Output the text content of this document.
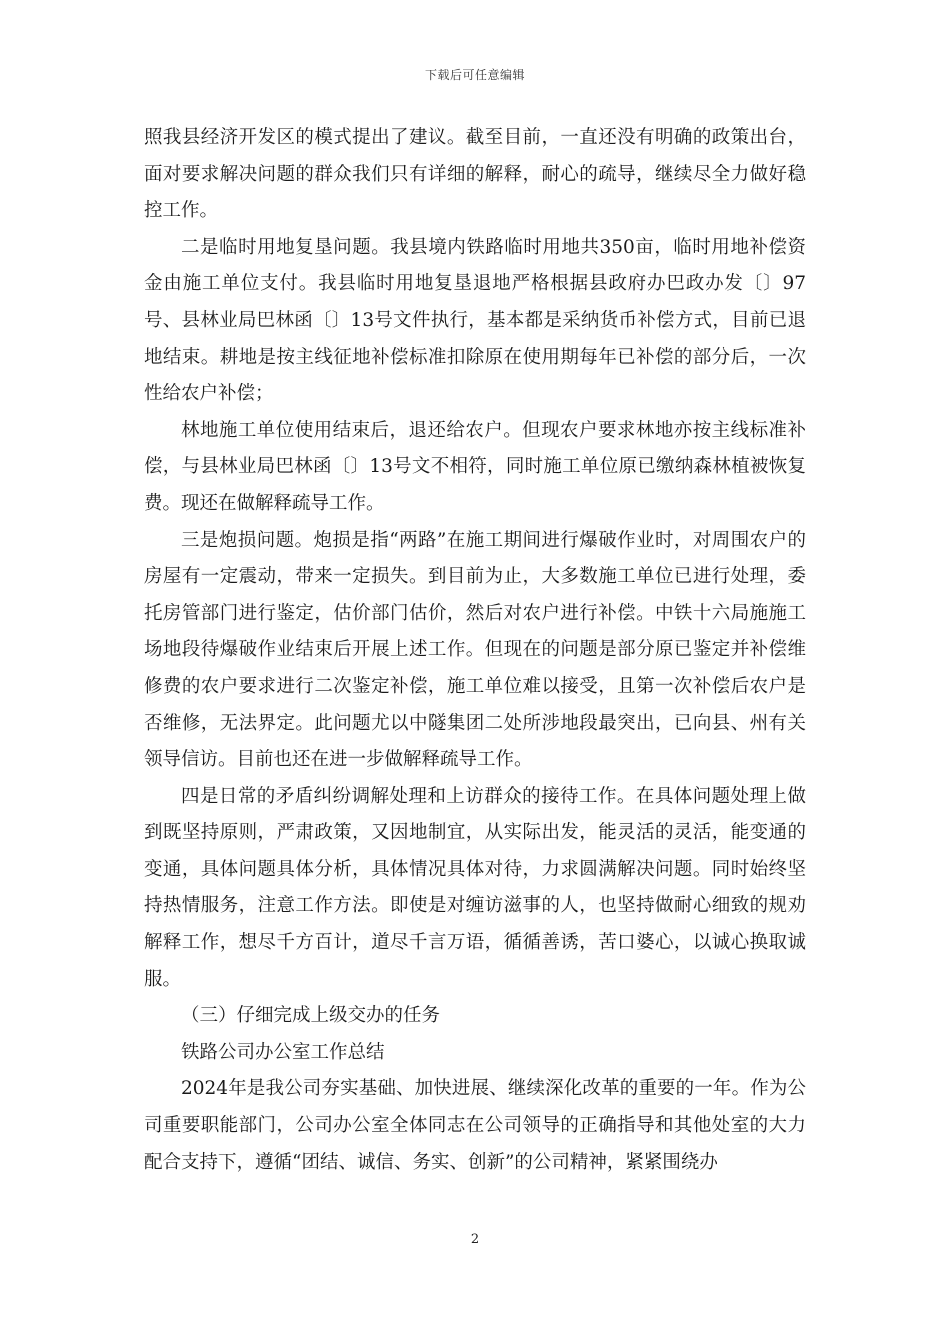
下载后可任意编辑

照我县经济开发区的模式提出了建议。截至目前，一直还没有明确的政策出台，面对要求解决问题的群众我们只有详细的解释，耐心的疏导，继续尽全力做好稳控工作。

二是临时用地复垦问题。我县境内铁路临时用地共350亩，临时用地补偿资金由施工单位支付。我县临时用地复垦退地严格根据县政府办巴政办发〔〕97号、县林业局巴林函〔〕13号文件执行，基本都是采纳货币补偿方式，目前已退地结束。耕地是按主线征地补偿标准扣除原在使用期每年已补偿的部分后，一次性给农户补偿；

林地施工单位使用结束后，退还给农户。但现农户要求林地亦按主线标准补偿，与县林业局巴林函〔〕13号文不相符，同时施工单位原已缴纳森林植被恢复费。现还在做解释疏导工作。

三是炮损问题。炮损是指“两路”在施工期间进行爆破作业时，对周围农户的房屋有一定震动，带来一定损失。到目前为止，大多数施工单位已进行处理，委托房管部门进行鉴定，估价部门估价，然后对农户进行补偿。中铁十六局施施工场地段待爆破作业结束后开展上述工作。但现在的问题是部分原已鉴定并补偿维修费的农户要求进行二次鉴定补偿，施工单位难以接受，且第一次补偿后农户是否维修，无法界定。此问题尤以中隧集团二处所涉地段最突出，已向县、州有关领导信访。目前也还在进一步做解释疏导工作。

四是日常的矛盾纠纷调解处理和上访群众的接待工作。在具体问题处理上做到既坚持原则，严肃政策，又因地制宜，从实际出发，能灵活的灵活，能变通的变通，具体问题具体分析，具体情况具体对待，力求圆满解决问题。同时始终坚持热情服务，注意工作方法。即使是对缠访滋事的人，也坚持做耐心细致的规劝解释工作，想尽千方百计，道尽千言万语，循循善诱，苦口婆心，以诚心换取诚服。

（三）仔细完成上级交办的任务

铁路公司办公室工作总结

2024年是我公司夯实基础、加快进展、继续深化改革的重要的一年。作为公司重要职能部门，公司办公室全体同志在公司领导的正确指导和其他处室的大力配合支持下，遵循“团结、诚信、务实、创新”的公司精神，紧紧围绕办

2
